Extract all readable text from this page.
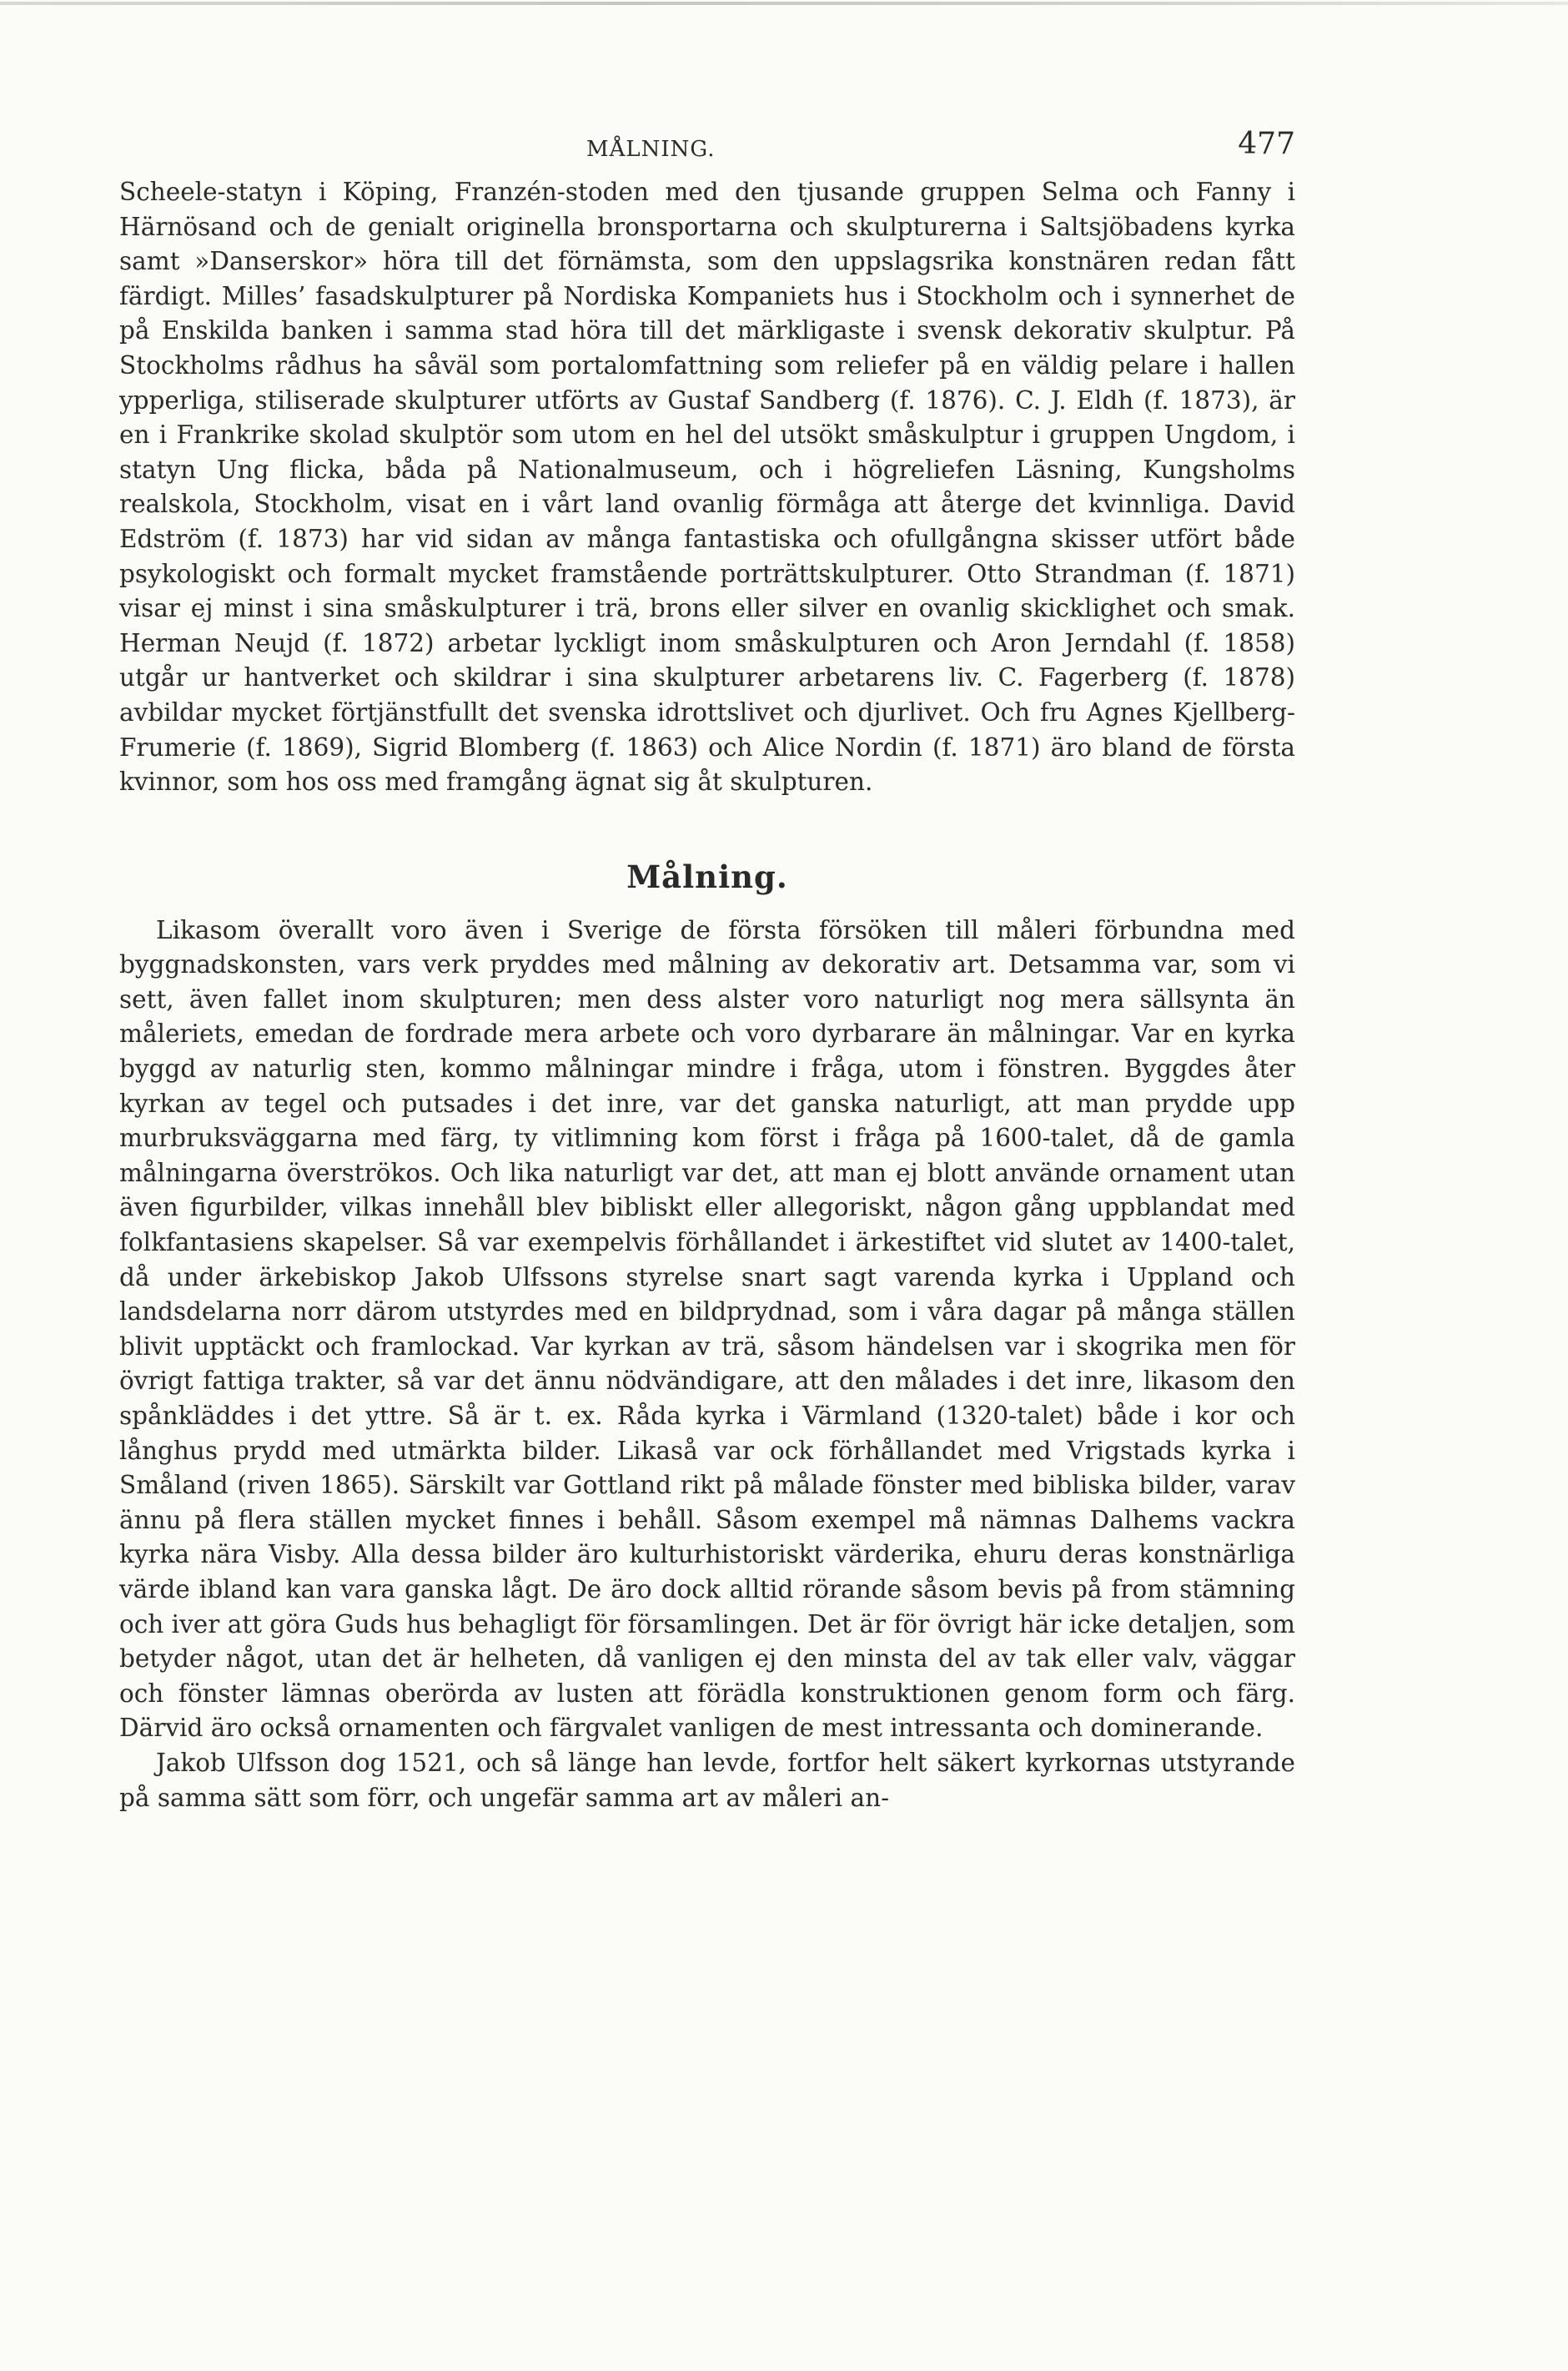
MÅLNING.	477

Scheele-statyn i Köping, Franzén-stoden med den tjusande gruppen Selma och Fanny i Härnösand och de genialt originella bronsportarna och skulpturerna i Saltsjöbadens kyrka samt »Danserskor» höra till det förnämsta, som den uppslagsrika konstnären redan fått färdigt. Milles’ fasadskulpturer på Nordiska Kompaniets hus i Stockholm och i synnerhet de på Enskilda banken i samma stad höra till det märkligaste i svensk dekorativ skulptur. På Stockholms rådhus ha såväl som portalomfattning som reliefer på en väldig pelare i hallen ypperliga, stiliserade skulpturer utförts av Gustaf Sandberg (f. 1876). C. J. Eldh (f. 1873), är en i Frankrike skolad skulptör som utom en hel del utsökt småskulptur i gruppen Ungdom, i statyn Ung flicka, båda på Nationalmuseum, och i högreliefen Läsning, Kungsholms realskola, Stockholm, visat en i vårt land ovanlig förmåga att återge det kvinnliga. David Edström (f. 1873) har vid sidan av många fantastiska och ofullgångna skisser utfört både psykologiskt och formalt mycket framstående porträttskulpturer. Otto Strandman (f. 1871) visar ej minst i sina småskulpturer i trä, brons eller silver en ovanlig skicklighet och smak. Herman Neujd (f. 1872) arbetar lyckligt inom småskulpturen och Aron Jerndahl (f. 1858) utgår ur hantverket och skildrar i sina skulpturer arbetarens liv. C. Fagerberg (f. 1878) avbildar mycket förtjänstfullt det svenska idrottslivet och djurlivet. Och fru Agnes Kjellberg-Frumerie (f. 1869), Sigrid Blomberg (f. 1863) och Alice Nordin (f. 1871) äro bland de första kvinnor, som hos oss med framgång ägnat sig åt skulpturen.

Målning.

Likasom överallt voro även i Sverige de första försöken till måleri förbundna med byggnadskonsten, vars verk pryddes med målning av dekorativ art. Detsamma var, som vi sett, även fallet inom skulpturen; men dess alster voro naturligt nog mera sällsynta än måleriets, emedan de fordrade mera arbete och voro dyrbarare än målningar. Var en kyrka byggd av naturlig sten, kommo målningar mindre i fråga, utom i fönstren. Byggdes åter kyrkan av tegel och putsades i det inre, var det ganska naturligt, att man prydde upp murbruksväggarna med färg, ty vitlimning kom först i fråga på 1600-talet, då de gamla målningarna överströkos. Och lika naturligt var det, att man ej blott använde ornament utan även figurbilder, vilkas innehåll blev bibliskt eller allegoriskt, någon gång uppblandat med folkfantasiens skapelser. Så var exempelvis förhållandet i ärkestiftet vid slutet av 1400-talet, då under ärkebiskop Jakob Ulfssons styrelse snart sagt varenda kyrka i Uppland och landsdelarna norr därom utstyrdes med en bildprydnad, som i våra dagar på många ställen blivit upptäckt och framlockad. Var kyrkan av trä, såsom händelsen var i skogrika men för övrigt fattiga trakter, så var det ännu nödvändigare, att den målades i det inre, likasom den spånkläddes i det yttre. Så är t. ex. Råda kyrka i Värmland (1320-talet) både i kor och långhus prydd med utmärkta bilder. Likaså var ock förhållandet med Vrigstads kyrka i Småland (riven 1865). Särskilt var Gottland rikt på målade fönster med bibliska bilder, varav ännu på flera ställen mycket finnes i behåll. Såsom exempel må nämnas Dalhems vackra kyrka nära Visby. Alla dessa bilder äro kulturhistoriskt värderika, ehuru deras konstnärliga värde ibland kan vara ganska lågt. De äro dock alltid rörande såsom bevis på from stämning och iver att göra Guds hus behagligt för församlingen. Det är för övrigt här icke detaljen, som betyder något, utan det är helheten, då vanligen ej den minsta del av tak eller valv, väggar och fönster lämnas oberörda av lusten att förädla konstruktionen genom form och färg. Därvid äro också ornamenten och färgvalet vanligen de mest intressanta och dominerande.

Jakob Ulfsson dog 1521, och så länge han levde, fortfor helt säkert kyrkornas utstyrande på samma sätt som förr, och ungefär samma art av måleri an-
